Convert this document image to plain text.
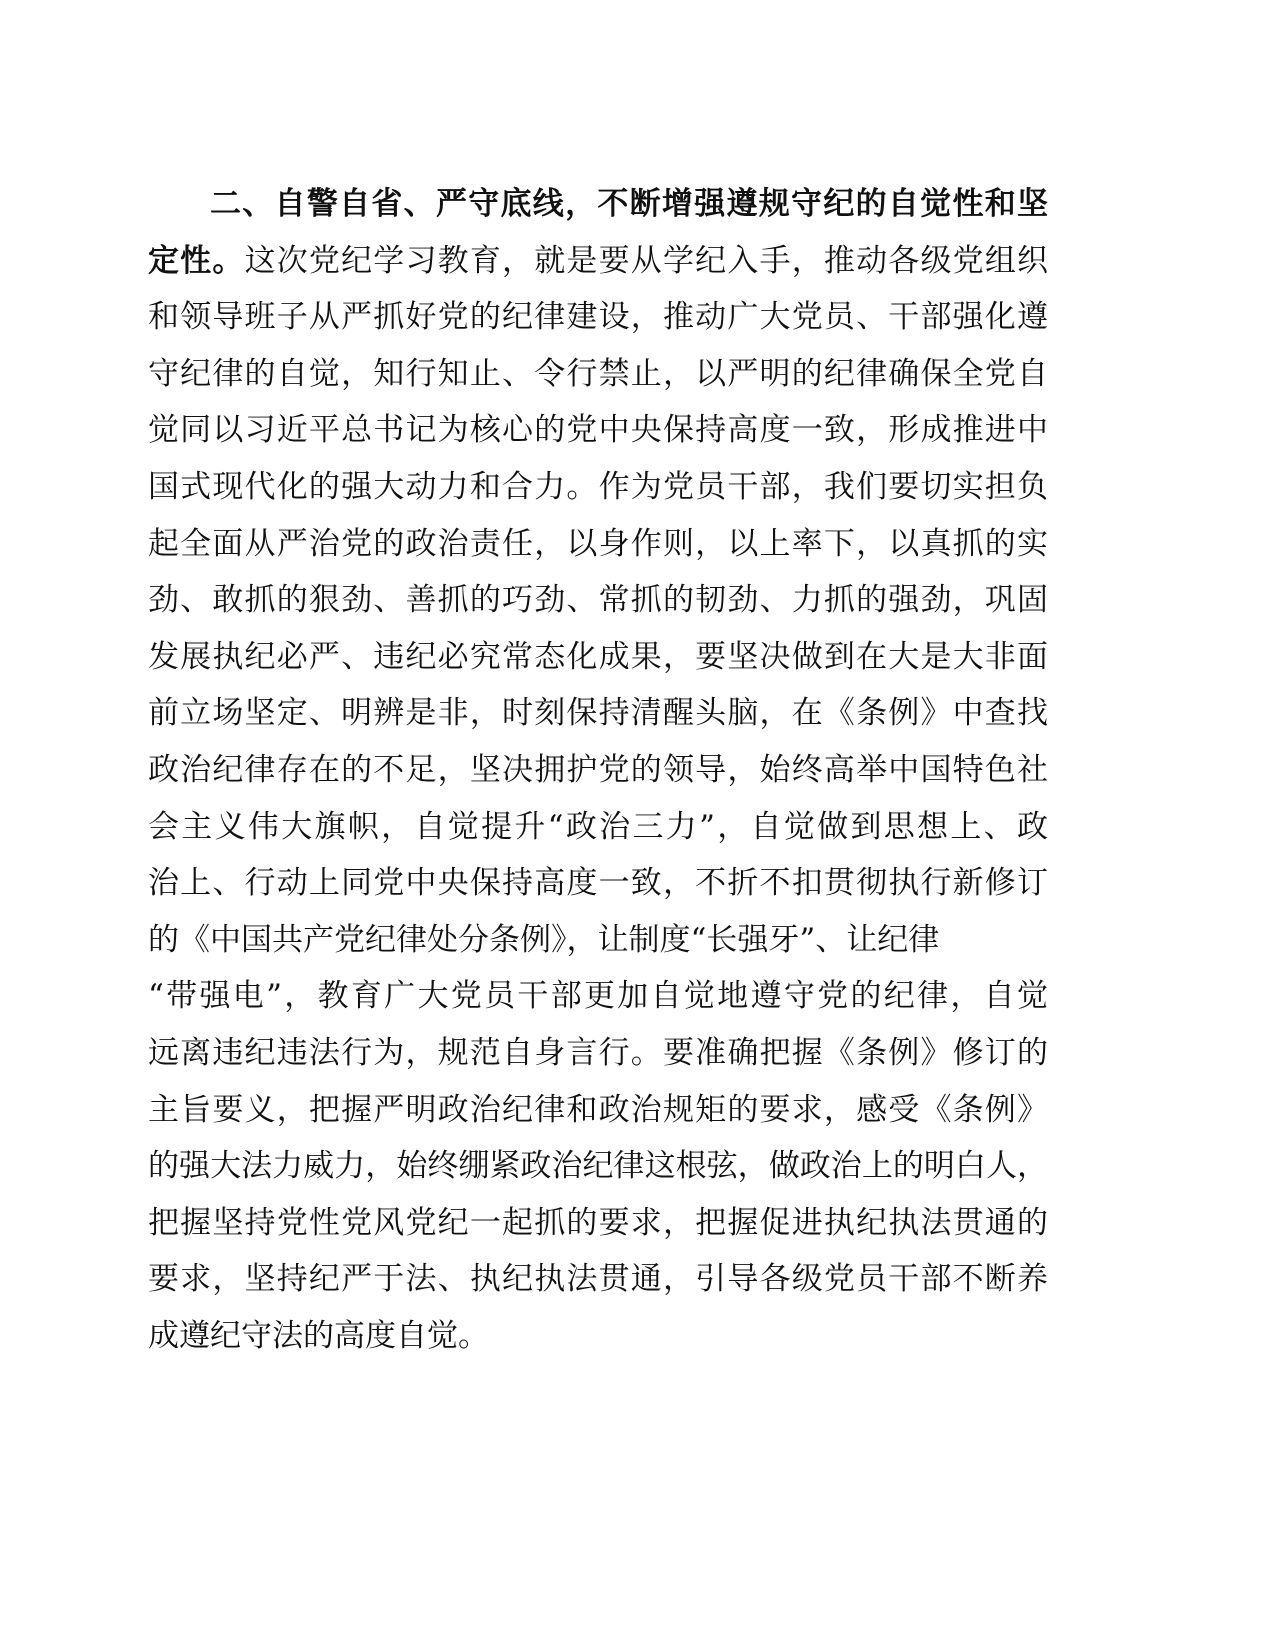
二、自警自省、严守底线，不断增强遵规守纪的自觉性和坚
定性。这次党纪学习教育，就是要从学纪入手，推动各级党组织
和领导班子从严抓好党的纪律建设，推动广大党员、干部强化遵
守纪律的自觉，知行知止、令行禁止，以严明的纪律确保全党自
觉同以习近平总书记为核心的党中央保持高度一致，形成推进中
国式现代化的强大动力和合力。作为党员干部，我们要切实担负
起全面从严治党的政治责任，以身作则，以上率下，以真抓的实
劲、敢抓的狠劲、善抓的巧劲、常抓的韧劲、力抓的强劲，巩固
发展执纪必严、违纪必究常态化成果，要坚决做到在大是大非面
前立场坚定、明辨是非，时刻保持清醒头脑，在《条例》中查找
政治纪律存在的不足，坚决拥护党的领导，始终高举中国特色社
会主义伟大旗帜，自觉提升“政治三力”，自觉做到思想上、政
治上、行动上同党中央保持高度一致，不折不扣贯彻执行新修订
的《中国共产党纪律处分条例》，让制度“长强牙”、让纪律
“带强电”，教育广大党员干部更加自觉地遵守党的纪律，自觉
远离违纪违法行为，规范自身言行。要准确把握《条例》修订的
主旨要义，把握严明政治纪律和政治规矩的要求，感受《条例》
的强大法力威力，始终绷紧政治纪律这根弦，做政治上的明白人，
把握坚持党性党风党纪一起抓的要求，把握促进执纪执法贯通的
要求，坚持纪严于法、执纪执法贯通，引导各级党员干部不断养
成遵纪守法的高度自觉。
